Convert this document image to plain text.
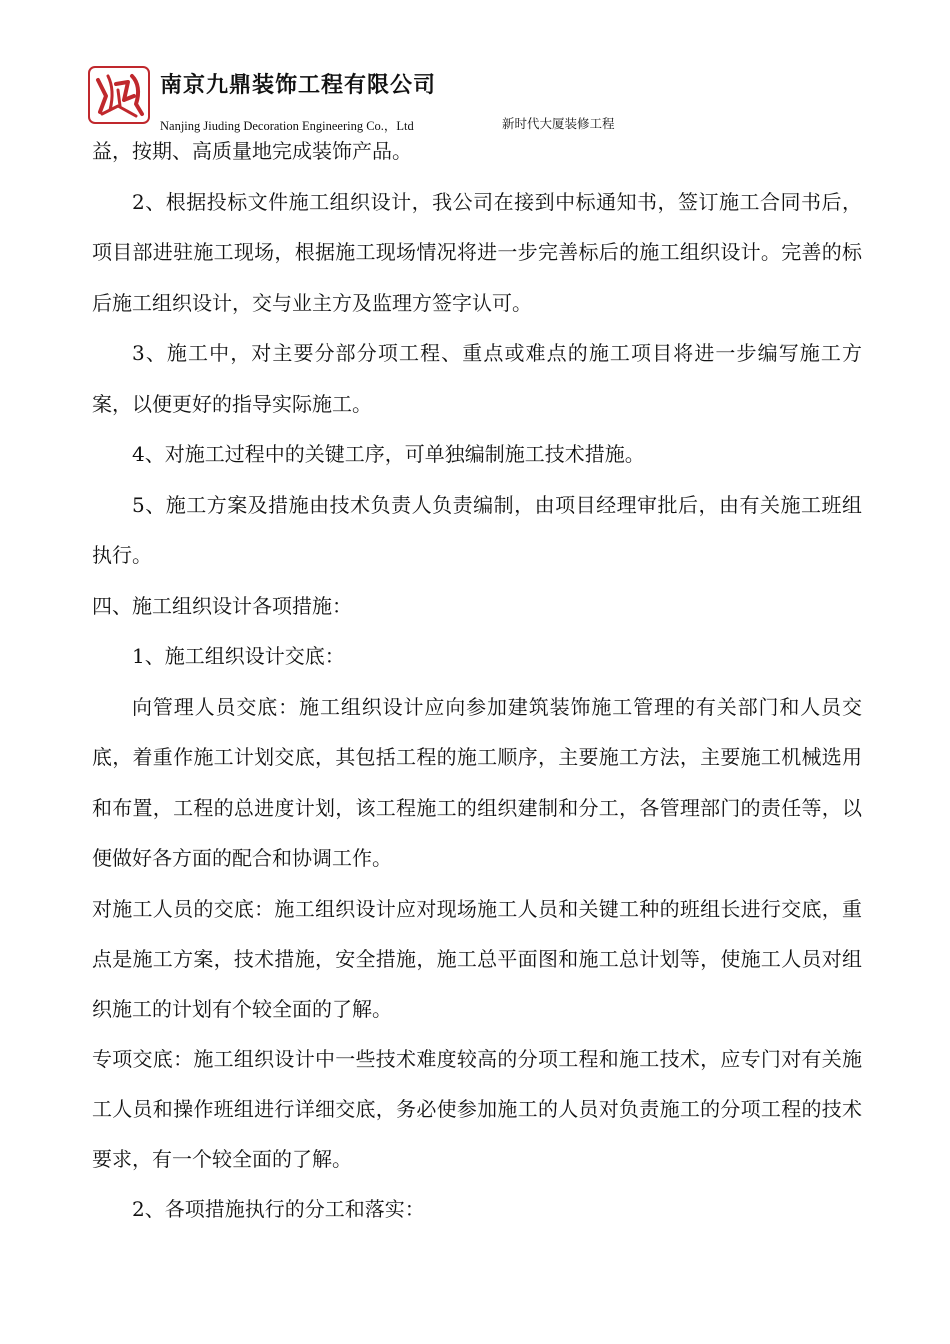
南京九鼎装饰工程有限公司
Nanjing Jiuding Decoration Engineering Co.，Ltd	新时代大厦装修工程

益，按期、高质量地完成装饰产品。

2、根据投标文件施工组织设计，我公司在接到中标通知书，签订施工合同书后，项目部进驻施工现场，根据施工现场情况将进一步完善标后的施工组织设计。完善的标后施工组织设计，交与业主方及监理方签字认可。

3、施工中，对主要分部分项工程、重点或难点的施工项目将进一步编写施工方案，以便更好的指导实际施工。

4、对施工过程中的关键工序，可单独编制施工技术措施。

5、施工方案及措施由技术负责人负责编制，由项目经理审批后，由有关施工班组执行。

四、施工组织设计各项措施：

1、施工组织设计交底：

向管理人员交底：施工组织设计应向参加建筑装饰施工管理的有关部门和人员交底，着重作施工计划交底，其包括工程的施工顺序，主要施工方法，主要施工机械选用和布置，工程的总进度计划，该工程施工的组织建制和分工，各管理部门的责任等，以便做好各方面的配合和协调工作。

对施工人员的交底：施工组织设计应对现场施工人员和关键工种的班组长进行交底，重点是施工方案，技术措施，安全措施，施工总平面图和施工总计划等，使施工人员对组织施工的计划有个较全面的了解。

专项交底：施工组织设计中一些技术难度较高的分项工程和施工技术，应专门对有关施工人员和操作班组进行详细交底，务必使参加施工的人员对负责施工的分项工程的技术要求，有一个较全面的了解。

2、各项措施执行的分工和落实：
